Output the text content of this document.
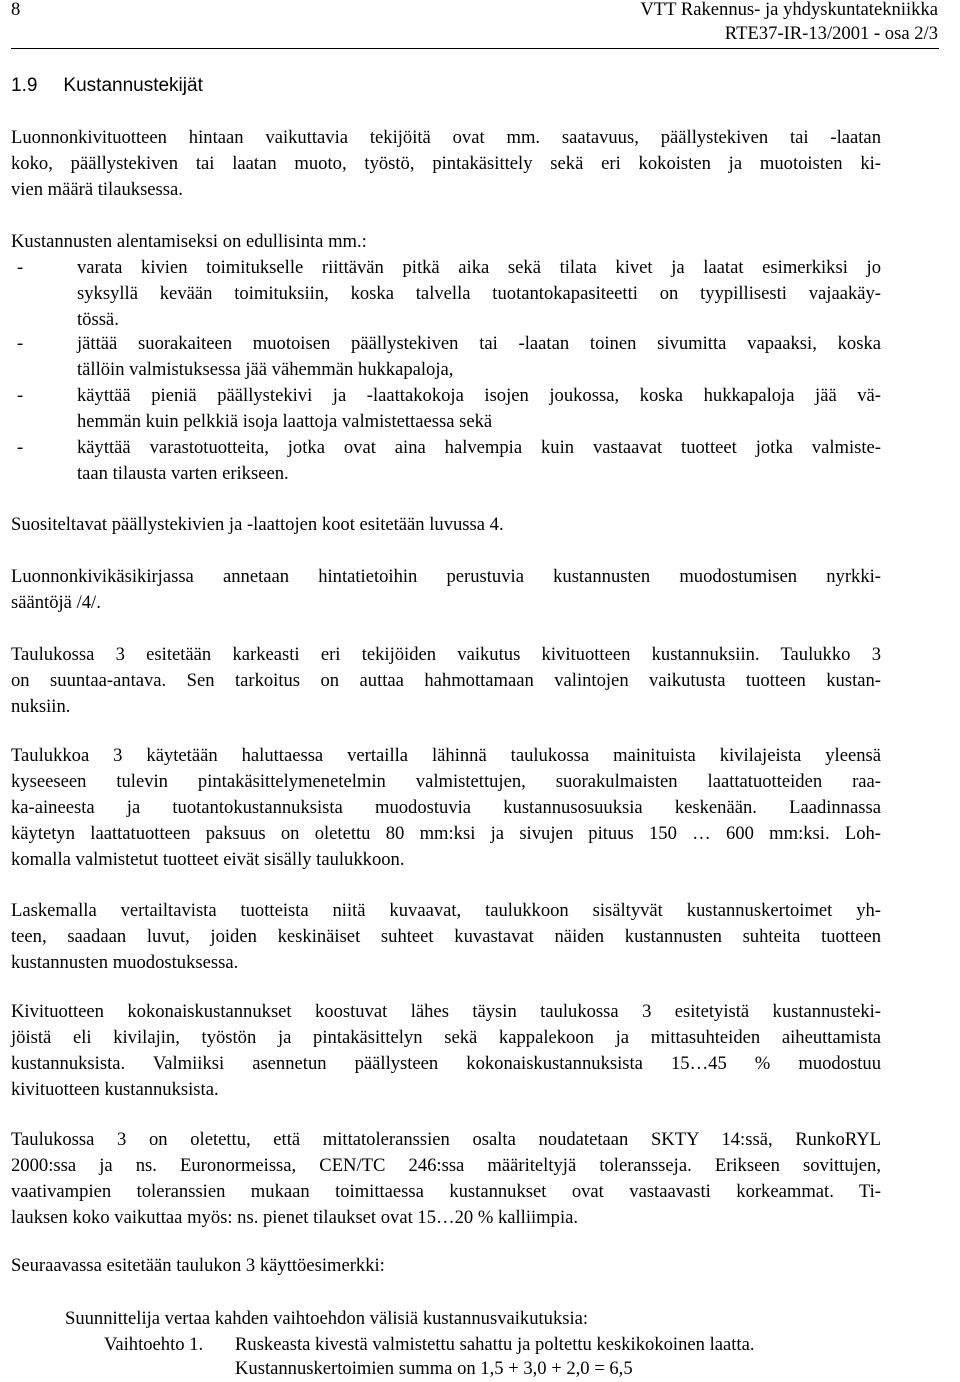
8	VTT Rakennus- ja yhdyskuntatekniikka
RTE37-IR-13/2001 - osa 2/3
1.9 Kustannustekijät
Luonnonkivituotteen hintaan vaikuttavia tekijöitä ovat mm. saatavuus, päällystekiven tai -laatan
koko, päällystekiven tai laatan muoto, työstö, pintakäsittely sekä eri kokoisten ja muotoisten ki-
vien määrä tilauksessa.
Kustannusten alentamiseksi on edullisinta mm.:
-	varata kivien toimitukselle riittävän pitkä aika sekä tilata kivet ja laatat esimerkiksi jo
syksyllä kevään toimituksiin, koska talvella tuotantokapasiteetti on tyypillisesti vajaakäy-
tössä.
-	jättää suorakaiteen muotoisen päällystekiven tai -laatan toinen sivumitta vapaaksi, koska
tällöin valmistuksessa jää vähemmän hukkapaloja,
-	käyttää pieniä päällystekivi ja -laattakokoja isojen joukossa, koska hukkapaloja jää vä-
hemmän kuin pelkkiä isoja laattoja valmistettaessa sekä
-	käyttää varastotuotteita, jotka ovat aina halvempia kuin vastaavat tuotteet jotka valmiste-
taan tilausta varten erikseen.
Suositeltavat päällystekivien ja -laattojen koot esitetään luvussa 4.
Luonnonkivikäsikirjassa annetaan hintatietoihin perustuvia kustannusten muodostumisen nyrkki-
sääntöjä /4/.
Taulukossa 3 esitetään karkeasti eri tekijöiden vaikutus kivituotteen kustannuksiin. Taulukko 3
on suuntaa-antava. Sen tarkoitus on auttaa hahmottamaan valintojen vaikutusta tuotteen kustan-
nuksiin.
Taulukkoa 3 käytetään haluttaessa vertailla lähinnä taulukossa mainituista kivilajeista yleensä
kyseeseen tulevin pintakäsittelymenetelmin valmistettujen, suorakulmaisten laattatuotteiden raa-
ka-aineesta ja tuotantokustannuksista muodostuvia kustannusosuuksia keskenään. Laadinnassa
käytetyn laattatuotteen paksuus on oletettu 80 mm:ksi ja sivujen pituus 150 … 600 mm:ksi. Loh-
komalla valmistetut tuotteet eivät sisälly taulukkoon.
Laskemalla vertailtavista tuotteista niitä kuvaavat, taulukkoon sisältyvät kustannuskertoimet yh-
teen, saadaan luvut, joiden keskinäiset suhteet kuvastavat näiden kustannusten suhteita tuotteen
kustannusten muodostuksessa.
Kivituotteen kokonaiskustannukset koostuvat lähes täysin taulukossa 3 esitetyistä kustannusteki-
jöistä eli kivilajin, työstön ja pintakäsittelyn sekä kappalekoon ja mittasuhteiden aiheuttamista
kustannuksista. Valmiiksi asennetun päällysteen kokonaiskustannuksista 15…45 % muodostuu
kivituotteen kustannuksista.
Taulukossa 3 on oletettu, että mittatoleranssien osalta noudatetaan SKTY 14:ssä, RunkoRYL
2000:ssa ja ns. Euronormeissa, CEN/TC 246:ssa määriteltyjä toleransseja. Erikseen sovittujen,
vaativampien toleranssien mukaan toimittaessa kustannukset ovat vastaavasti korkeammat. Ti-
lauksen koko vaikuttaa myös: ns. pienet tilaukset ovat 15…20 % kalliimpia.
Seuraavassa esitetään taulukon 3 käyttöesimerkki:
Suunnittelija vertaa kahden vaihtoehdon välisiä kustannusvaikutuksia:
Vaihtoehto 1. Ruskeasta kivestä valmistettu sahattu ja poltettu keskikokoinen laatta.
Kustannuskertoimien summa on 1,5 + 3,0 + 2,0 = 6,5
